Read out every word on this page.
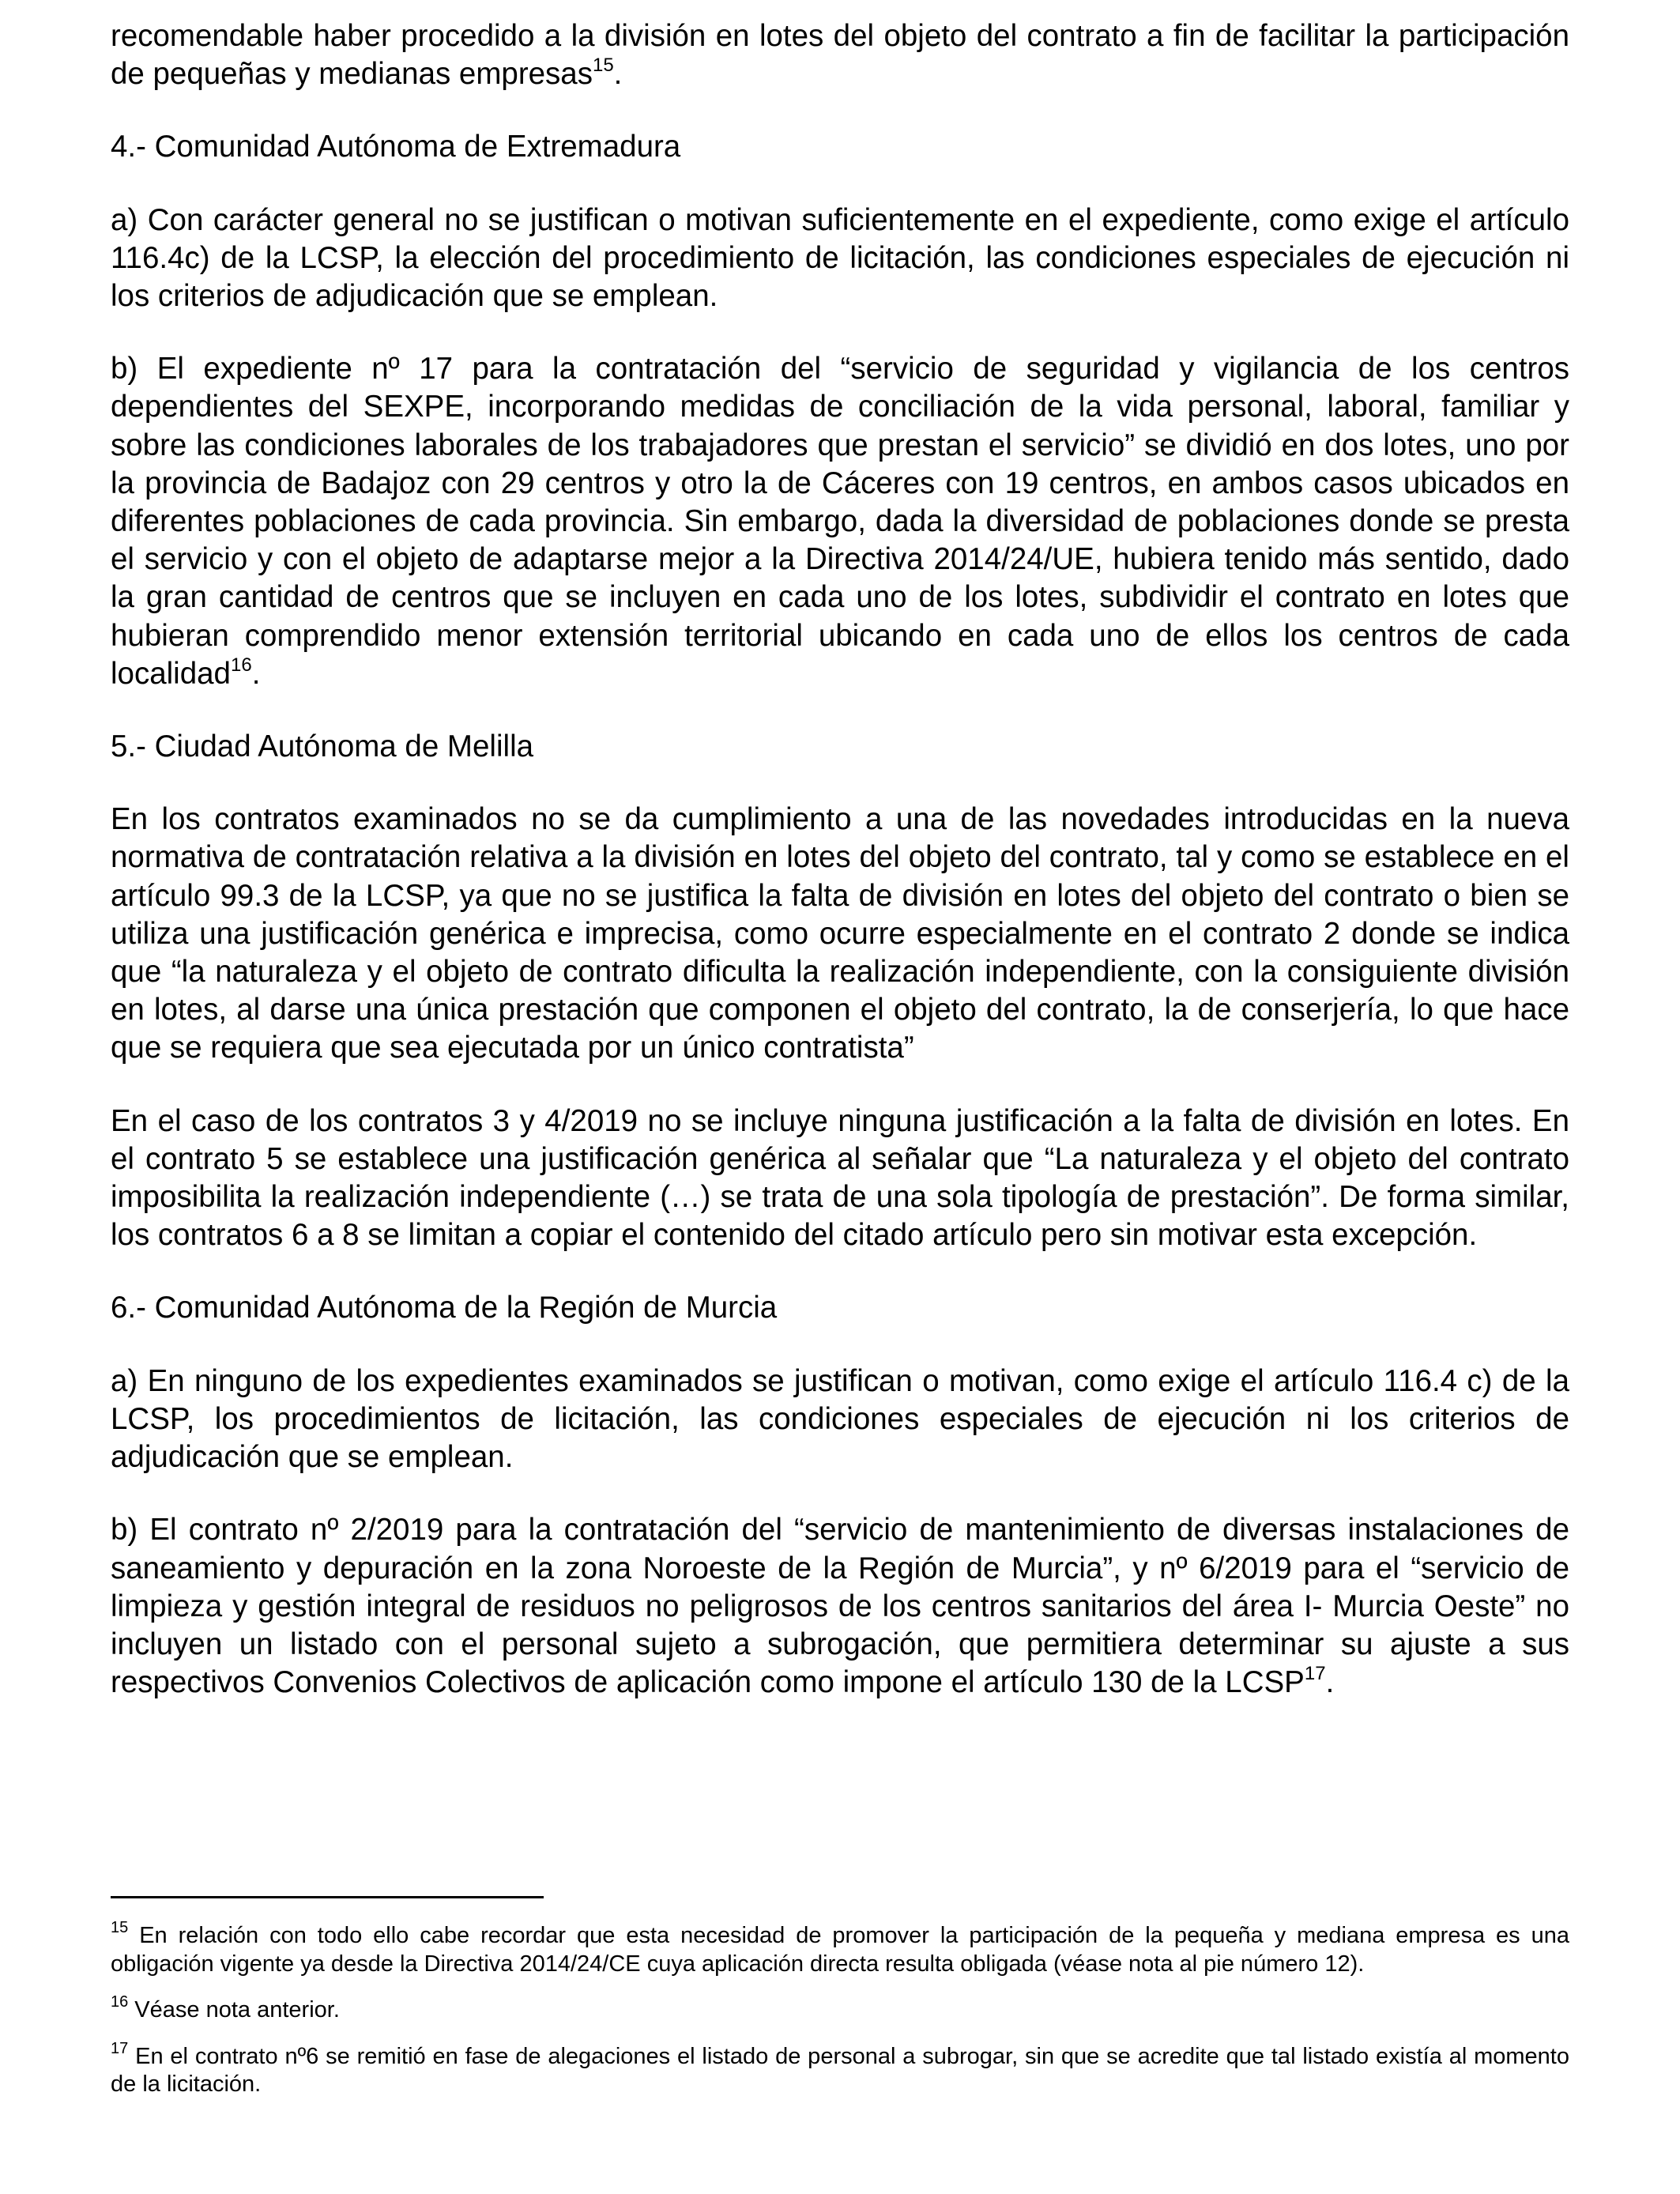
recomendable haber procedido a la división en lotes del objeto del contrato a fin de facilitar la participación de pequeñas y medianas empresas$^{15}$.

4.- Comunidad Autónoma de Extremadura

a) Con carácter general no se justifican o motivan suficientemente en el expediente, como exige el artículo 116.4c) de la LCSP, la elección del procedimiento de licitación, las condiciones especiales de ejecución ni los criterios de adjudicación que se emplean.

b) El expediente nº 17 para la contratación del “servicio de seguridad y vigilancia de los centros dependientes del SEXPE, incorporando medidas de conciliación de la vida personal, laboral, familiar y sobre las condiciones laborales de los trabajadores que prestan el servicio” se dividió en dos lotes, uno por la provincia de Badajoz con 29 centros y otro la de Cáceres con 19 centros, en ambos casos ubicados en diferentes poblaciones de cada provincia. Sin embargo, dada la diversidad de poblaciones donde se presta el servicio y con el objeto de adaptarse mejor a la Directiva 2014/24/UE, hubiera tenido más sentido, dado la gran cantidad de centros que se incluyen en cada uno de los lotes, subdividir el contrato en lotes que hubieran comprendido menor extensión territorial ubicando en cada uno de ellos los centros de cada localidad$^{16}$.

5.- Ciudad Autónoma de Melilla

En los contratos examinados no se da cumplimiento a una de las novedades introducidas en la nueva normativa de contratación relativa a la división en lotes del objeto del contrato, tal y como se establece en el artículo 99.3 de la LCSP, ya que no se justifica la falta de división en lotes del objeto del contrato o bien se utiliza una justificación genérica e imprecisa, como ocurre especialmente en el contrato 2 donde se indica que “la naturaleza y el objeto de contrato dificulta la realización independiente, con la consiguiente división en lotes, al darse una única prestación que componen el objeto del contrato, la de conserjería, lo que hace que se requiera que sea ejecutada por un único contratista”

En el caso de los contratos 3 y 4/2019 no se incluye ninguna justificación a la falta de división en lotes. En el contrato 5 se establece una justificación genérica al señalar que “La naturaleza y el objeto del contrato imposibilita la realización independiente (…) se trata de una sola tipología de prestación”. De forma similar, los contratos 6 a 8 se limitan a copiar el contenido del citado artículo pero sin motivar esta excepción.

6.- Comunidad Autónoma de la Región de Murcia

a) En ninguno de los expedientes examinados se justifican o motivan, como exige el artículo 116.4 c) de la LCSP, los procedimientos de licitación, las condiciones especiales de ejecución ni los criterios de adjudicación que se emplean.

b) El contrato nº 2/2019 para la contratación del “servicio de mantenimiento de diversas instalaciones de saneamiento y depuración en la zona Noroeste de la Región de Murcia”, y nº 6/2019 para el “servicio de limpieza y gestión integral de residuos no peligrosos de los centros sanitarios del área I- Murcia Oeste” no incluyen un listado con el personal sujeto a subrogación, que permitiera determinar su ajuste a sus respectivos Convenios Colectivos de aplicación como impone el artículo 130 de la LCSP$^{17}$.

$^{15}$ En relación con todo ello cabe recordar que esta necesidad de promover la participación de la pequeña y mediana empresa es una obligación vigente ya desde la Directiva 2014/24/CE cuya aplicación directa resulta obligada (véase nota al pie número 12).

$^{16}$ Véase nota anterior.

$^{17}$ En el contrato nº6 se remitió en fase de alegaciones el listado de personal a subrogar, sin que se acredite que tal listado existía al momento de la licitación.
